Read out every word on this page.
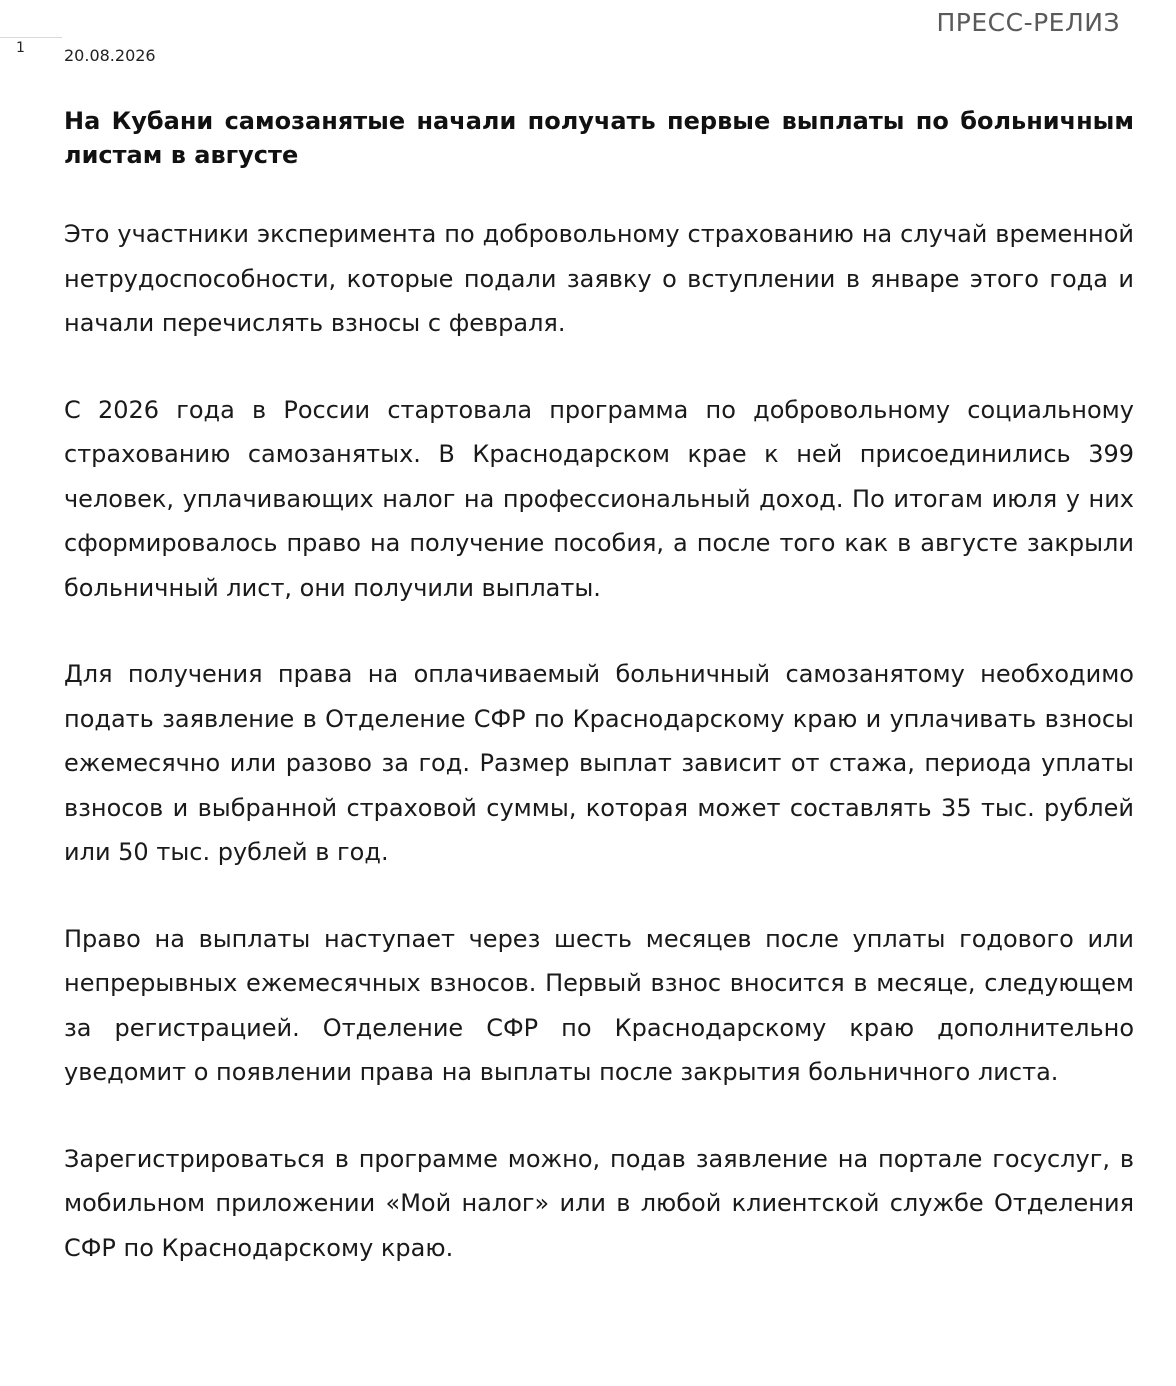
1
ПРЕСС-РЕЛИЗ
20.08.2026
На Кубани самозанятые начали получать первые выплаты по больничным листам в августе

Это участники эксперимента по добровольному страхованию на случай временной нетрудоспособности, которые подали заявку о вступлении в январе этого года и начали перечислять взносы с февраля.

С 2026 года в России стартовала программа по добровольному социальному страхованию самозанятых. В Краснодарском крае к ней присоединились 399 человек, уплачивающих налог на профессиональный доход. По итогам июля у них сформировалось право на получение пособия, а после того как в августе закрыли больничный лист, они получили выплаты.

Для получения права на оплачиваемый больничный самозанятому необходимо подать заявление в Отделение СФР по Краснодарскому краю и уплачивать взносы ежемесячно или разово за год. Размер выплат зависит от стажа, периода уплаты взносов и выбранной страховой суммы, которая может составлять 35 тыс. рублей или 50 тыс. рублей в год.

Право на выплаты наступает через шесть месяцев после уплаты годового или непрерывных ежемесячных взносов. Первый взнос вносится в месяце, следующем за регистрацией. Отделение СФР по Краснодарскому краю дополнительно уведомит о появлении права на выплаты после закрытия больничного листа.

Зарегистрироваться в программе можно, подав заявление на портале госуслуг, в мобильном приложении «Мой налог» или в любой клиентской службе Отделения СФР по Краснодарскому краю.
